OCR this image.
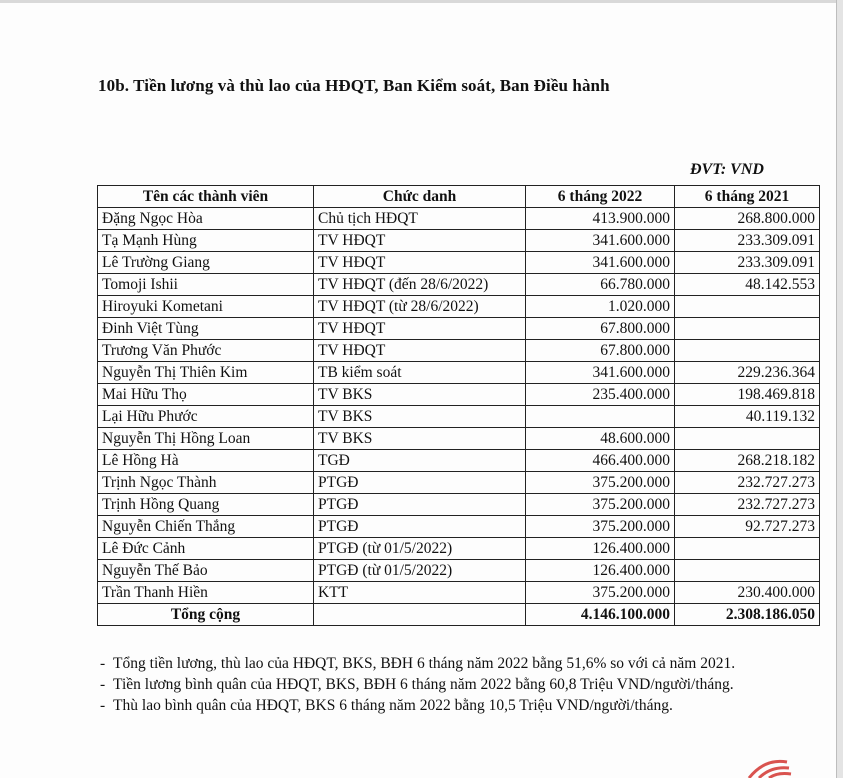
10b. Tiền lương và thù lao của HĐQT, Ban Kiểm soát, Ban Điều hành
ĐVT: VND
Tên các thành viên	Chức danh	6 tháng 2022	6 tháng 2021
Đặng Ngọc Hòa	Chủ tịch HĐQT	413.900.000	268.800.000
Tạ Mạnh Hùng	TV HĐQT	341.600.000	233.309.091
Lê Trường Giang	TV HĐQT	341.600.000	233.309.091
Tomoji Ishii	TV HĐQT (đến 28/6/2022)	66.780.000	48.142.553
Hiroyuki Kometani	TV HĐQT (từ 28/6/2022)	1.020.000	
Đinh Việt Tùng	TV HĐQT	67.800.000	
Trương Văn Phước	TV HĐQT	67.800.000	
Nguyễn Thị Thiên Kim	TB kiểm soát	341.600.000	229.236.364
Mai Hữu Thọ	TV BKS	235.400.000	198.469.818
Lại Hữu Phước	TV BKS		40.119.132
Nguyễn Thị Hồng Loan	TV BKS	48.600.000	
Lê Hồng Hà	TGĐ	466.400.000	268.218.182
Trịnh Ngọc Thành	PTGĐ	375.200.000	232.727.273
Trịnh Hồng Quang	PTGĐ	375.200.000	232.727.273
Nguyễn Chiến Thắng	PTGĐ	375.200.000	92.727.273
Lê Đức Cảnh	PTGĐ (từ 01/5/2022)	126.400.000	
Nguyễn Thế Bảo	PTGĐ (từ 01/5/2022)	126.400.000	
Trần Thanh Hiền	KTT	375.200.000	230.400.000
Tổng cộng		4.146.100.000	2.308.186.050
- Tổng tiền lương, thù lao của HĐQT, BKS, BĐH 6 tháng năm 2022 bằng 51,6% so với cả năm 2021.
- Tiền lương bình quân của HĐQT, BKS, BĐH 6 tháng năm 2022 bằng 60,8 Triệu VND/người/tháng.
- Thù lao bình quân của HĐQT, BKS 6 tháng năm 2022 bằng 10,5 Triệu VND/người/tháng.
